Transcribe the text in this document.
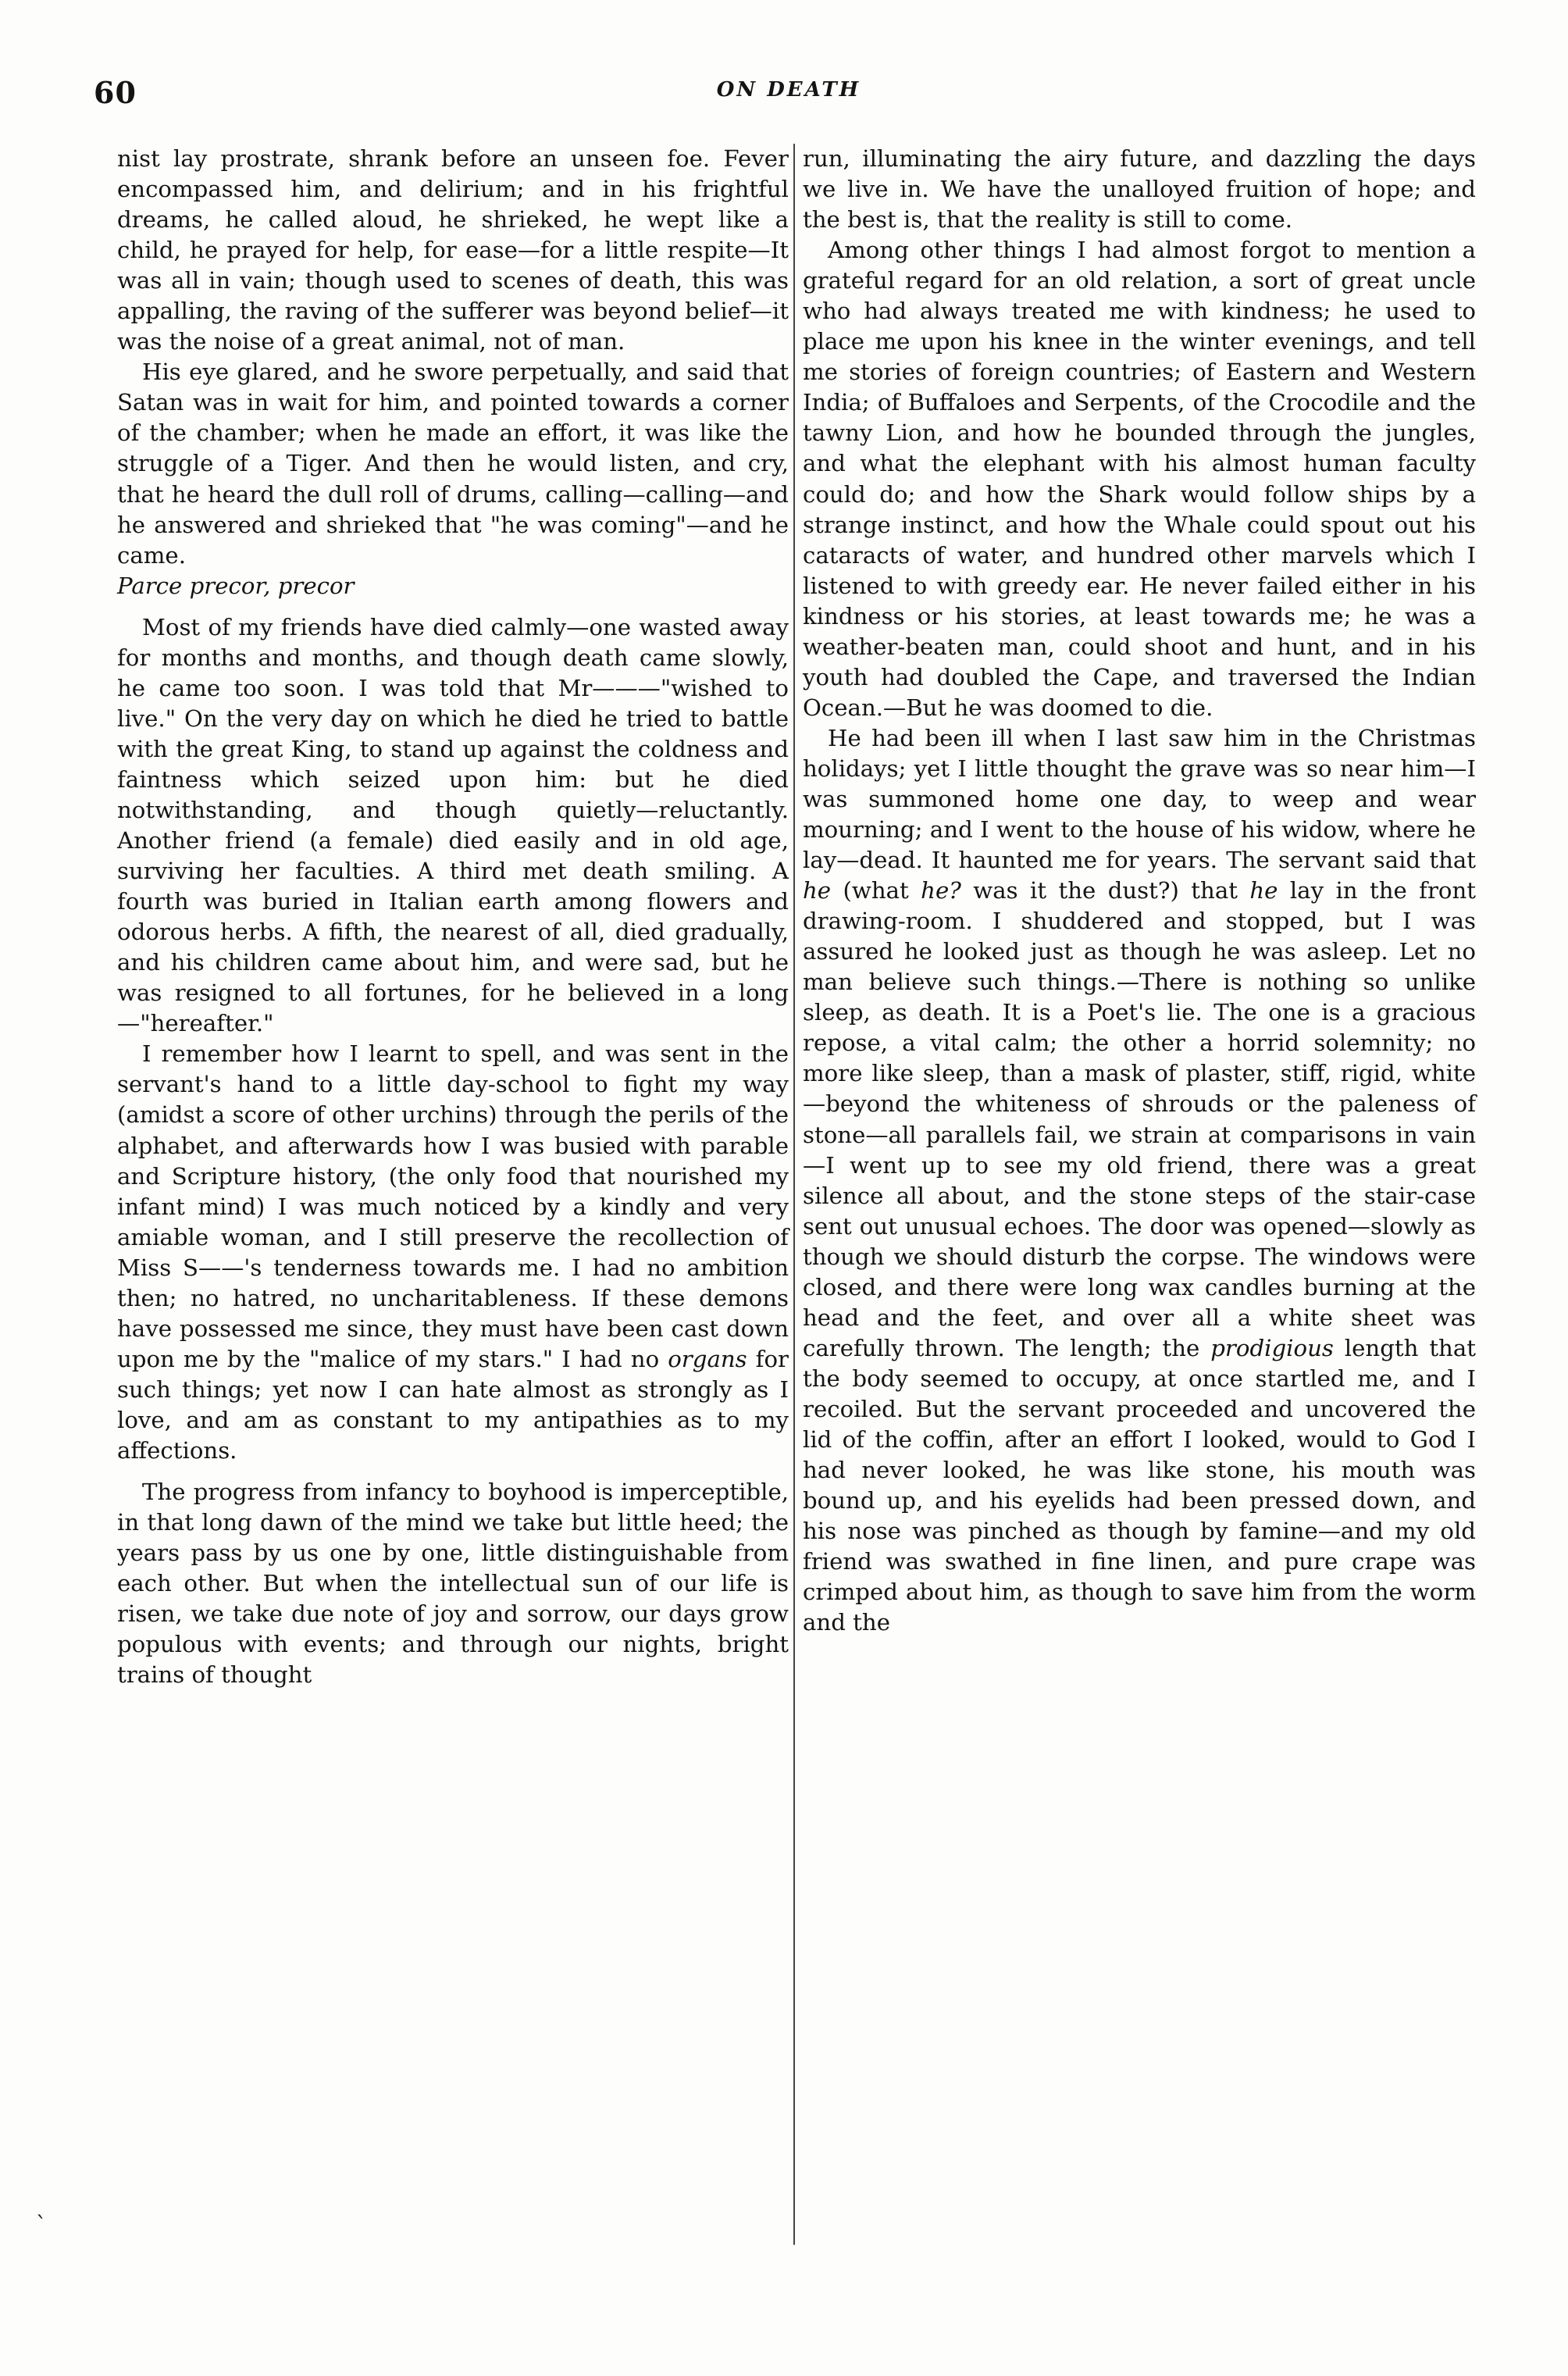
60	ON DEATH

nist lay prostrate, shrank before an unseen foe. Fever encompassed him, and delirium; and in his frightful dreams, he called aloud, he shrieked, he wept like a child, he prayed for help, for ease—for a little respite—It was all in vain; though used to scenes of death, this was appalling, the raving of the sufferer was beyond belief—it was the noise of a great animal, not of man.

His eye glared, and he swore perpetually, and said that Satan was in wait for him, and pointed towards a corner of the chamber; when he made an effort, it was like the struggle of a Tiger. And then he would listen, and cry, that he heard the dull roll of drums, calling—calling—and he answered and shrieked that "he was coming"—and he came.

Parce precor, precor

Most of my friends have died calmly—one wasted away for months and months, and though death came slowly, he came too soon. I was told that Mr———"wished to live." On the very day on which he died he tried to battle with the great King, to stand up against the coldness and faintness which seized upon him: but he died notwithstanding, and though quietly—reluctantly. Another friend (a female) died easily and in old age, surviving her faculties. A third met death smiling. A fourth was buried in Italian earth among flowers and odorous herbs. A fifth, the nearest of all, died gradually, and his children came about him, and were sad, but he was resigned to all fortunes, for he believed in a long—"hereafter."

I remember how I learnt to spell, and was sent in the servant's hand to a little day-school to fight my way (amidst a score of other urchins) through the perils of the alphabet, and afterwards how I was busied with parable and Scripture history, (the only food that nourished my infant mind) I was much noticed by a kindly and very amiable woman, and I still preserve the recollection of Miss S——'s tenderness towards me. I had no ambition then; no hatred, no uncharitableness. If these demons have possessed me since, they must have been cast down upon me by the "malice of my stars." I had no organs for such things; yet now I can hate almost as strongly as I love, and am as constant to my antipathies as to my affections.

The progress from infancy to boyhood is imperceptible, in that long dawn of the mind we take but little heed; the years pass by us one by one, little distinguishable from each other. But when the intellectual sun of our life is risen, we take due note of joy and sorrow, our days grow populous with events; and through our nights, bright trains of thought

run, illuminating the airy future, and dazzling the days we live in. We have the unalloyed fruition of hope; and the best is, that the reality is still to come.

Among other things I had almost forgot to mention a grateful regard for an old relation, a sort of great uncle who had always treated me with kindness; he used to place me upon his knee in the winter evenings, and tell me stories of foreign countries; of Eastern and Western India; of Buffaloes and Serpents, of the Crocodile and the tawny Lion, and how he bounded through the jungles, and what the elephant with his almost human faculty could do; and how the Shark would follow ships by a strange instinct, and how the Whale could spout out his cataracts of water, and hundred other marvels which I listened to with greedy ear. He never failed either in his kindness or his stories, at least towards me; he was a weather-beaten man, could shoot and hunt, and in his youth had doubled the Cape, and traversed the Indian Ocean.—But he was doomed to die.

He had been ill when I last saw him in the Christmas holidays; yet I little thought the grave was so near him—I was summoned home one day, to weep and wear mourning; and I went to the house of his widow, where he lay—dead. It haunted me for years. The servant said that he (what he? was it the dust?) that he lay in the front drawing-room. I shuddered and stopped, but I was assured he looked just as though he was asleep. Let no man believe such things.—There is nothing so unlike sleep, as death. It is a Poet's lie. The one is a gracious repose, a vital calm; the other a horrid solemnity; no more like sleep, than a mask of plaster, stiff, rigid, white—beyond the whiteness of shrouds or the paleness of stone—all parallels fail, we strain at comparisons in vain—I went up to see my old friend, there was a great silence all about, and the stone steps of the stair-case sent out unusual echoes. The door was opened—slowly as though we should disturb the corpse. The windows were closed, and there were long wax candles burning at the head and the feet, and over all a white sheet was carefully thrown. The length; the prodigious length that the body seemed to occupy, at once startled me, and I recoiled. But the servant proceeded and uncovered the lid of the coffin, after an effort I looked, would to God I had never looked, he was like stone, his mouth was bound up, and his eyelids had been pressed down, and his nose was pinched as though by famine—and my old friend was swathed in fine linen, and pure crape was crimped about him, as though to save him from the worm and the

`
